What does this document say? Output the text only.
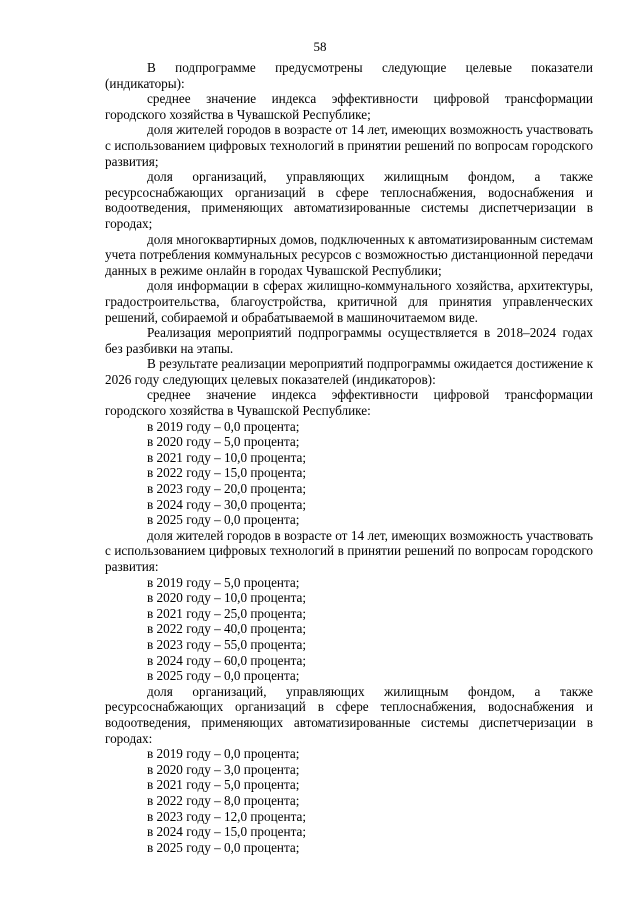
58

В подпрограмме предусмотрены следующие целевые показатели (индикаторы):

среднее значение индекса эффективности цифровой трансформации городского хозяйства в Чувашской Республике;

доля жителей городов в возрасте от 14 лет, имеющих возможность участвовать с использованием цифровых технологий в принятии решений по вопросам городского развития;

доля организаций, управляющих жилищным фондом, а также ресурсоснабжающих организаций в сфере теплоснабжения, водоснабжения и водоотведения, применяющих автоматизированные системы диспетчеризации в городах;

доля многоквартирных домов, подключенных к автоматизированным системам учета потребления коммунальных ресурсов с возможностью дистанционной передачи данных в режиме онлайн в городах Чувашской Республики;

доля информации в сферах жилищно-коммунального хозяйства, архитектуры, градостроительства, благоустройства, критичной для принятия управленческих решений, собираемой и обрабатываемой в машиночитаемом виде.

Реализация мероприятий подпрограммы осуществляется в 2018–2024 годах без разбивки на этапы.

В результате реализации мероприятий подпрограммы ожидается достижение к 2026 году следующих целевых показателей (индикаторов):

среднее значение индекса эффективности цифровой трансформации городского хозяйства в Чувашской Республике:

в 2019 году – 0,0 процента;
в 2020 году – 5,0 процента;
в 2021 году – 10,0 процента;
в 2022 году – 15,0 процента;
в 2023 году – 20,0 процента;
в 2024 году – 30,0 процента;
в 2025 году – 0,0 процента;

доля жителей городов в возрасте от 14 лет, имеющих возможность участвовать с использованием цифровых технологий в принятии решений по вопросам городского развития:

в 2019 году – 5,0 процента;
в 2020 году – 10,0 процента;
в 2021 году – 25,0 процента;
в 2022 году – 40,0 процента;
в 2023 году – 55,0 процента;
в 2024 году – 60,0 процента;
в 2025 году – 0,0 процента;

доля организаций, управляющих жилищным фондом, а также ресурсоснабжающих организаций в сфере теплоснабжения, водоснабжения и водоотведения, применяющих автоматизированные системы диспетчеризации в городах:

в 2019 году – 0,0 процента;
в 2020 году – 3,0 процента;
в 2021 году – 5,0 процента;
в 2022 году – 8,0 процента;
в 2023 году – 12,0 процента;
в 2024 году – 15,0 процента;
в 2025 году – 0,0 процента;
